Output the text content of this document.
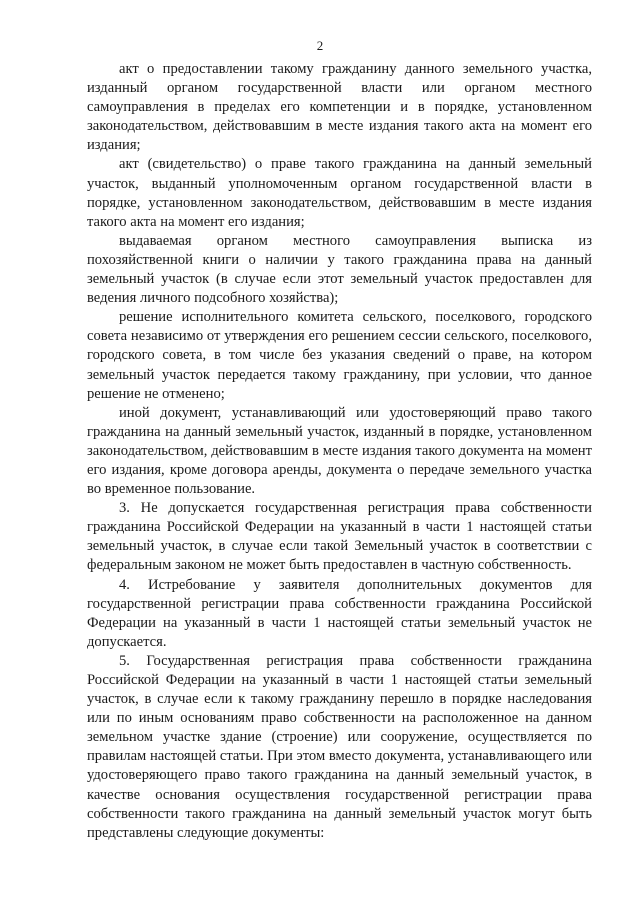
2

акт о предоставлении такому гражданину данного земельного участка, изданный органом государственной власти или органом местного самоуправления в пределах его компетенции и в порядке, установленном законодательством, действовавшим в месте издания такого акта на момент его издания;

акт (свидетельство) о праве такого гражданина на данный земельный участок, выданный уполномоченным органом государственной власти в порядке, установленном законодательством, действовавшим в месте издания такого акта на момент его издания;

выдаваемая органом местного самоуправления выписка из похозяйственной книги о наличии у такого гражданина права на данный земельный участок (в случае если этот земельный участок предоставлен для ведения личного подсобного хозяйства);

решение исполнительного комитета сельского, поселкового, городского совета независимо от утверждения его решением сессии сельского, поселкового, городского совета, в том числе без указания сведений о праве, на котором земельный участок передается такому гражданину, при условии, что данное решение не отменено;

иной документ, устанавливающий или удостоверяющий право такого гражданина на данный земельный участок, изданный в порядке, установленном законодательством, действовавшим в месте издания такого документа на момент его издания, кроме договора аренды, документа о передаче земельного участка во временное пользование.

3. Не допускается государственная регистрация права собственности гражданина Российской Федерации на указанный в части 1 настоящей статьи земельный участок, в случае если такой Земельный участок в соответствии с федеральным законом не может быть предоставлен в частную собственность.

4. Истребование у заявителя дополнительных документов для государственной регистрации права собственности гражданина Российской Федерации на указанный в части 1 настоящей статьи земельный участок не допускается.

5. Государственная регистрация права собственности гражданина Российской Федерации на указанный в части 1 настоящей статьи земельный участок, в случае если к такому гражданину перешло в порядке наследования или по иным основаниям право собственности на расположенное на данном земельном участке здание (строение) или сооружение, осуществляется по правилам настоящей статьи. При этом вместо документа, устанавливающего или удостоверяющего право такого гражданина на данный земельный участок, в качестве основания осуществления государственной регистрации права собственности такого гражданина на данный земельный участок могут быть представлены следующие документы:
